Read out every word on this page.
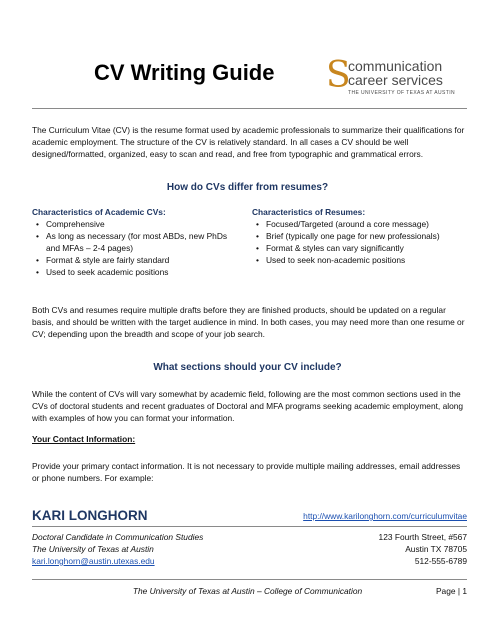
CV Writing Guide S
communication
career services
THE UNIVERSITY OF TEXAS AT AUSTIN
The Curriculum Vitae (CV) is the resume format used by academic professionals to summarize their qualifications for academic employment. The structure of the CV is relatively standard. In all cases a CV should be well designed/formatted, organized, easy to scan and read, and free from typographic and grammatical errors.
How do CVs differ from resumes?
Characteristics of Academic CVs:
• Comprehensive
• As long as necessary (for most ABDs, new PhDs and MFAs – 2-4 pages)
• Format & style are fairly standard
• Used to seek academic positions
Characteristics of Resumes:
• Focused/Targeted (around a core message)
• Brief (typically one page for new professionals)
• Format & styles can vary significantly
• Used to seek non-academic positions
Both CVs and resumes require multiple drafts before they are finished products, should be updated on a regular basis, and should be written with the target audience in mind. In both cases, you may need more than one resume or CV; depending upon the breadth and scope of your job search.
What sections should your CV include?
While the content of CVs will vary somewhat by academic field, following are the most common sections used in the CVs of doctoral students and recent graduates of Doctoral and MFA programs seeking academic employment, along with examples of how you can format your information.
Your Contact Information:
Provide your primary contact information. It is not necessary to provide multiple mailing addresses, email addresses or phone numbers. For example:
KARI LONGHORN	http://www.karilonghorn.com/curriculumvitae
Doctoral Candidate in Communication Studies
The University of Texas at Austin
kari.longhorn@austin.utexas.edu
123 Fourth Street, #567
Austin TX 78705
512-555-6789
The University of Texas at Austin – College of Communication	Page | 1
